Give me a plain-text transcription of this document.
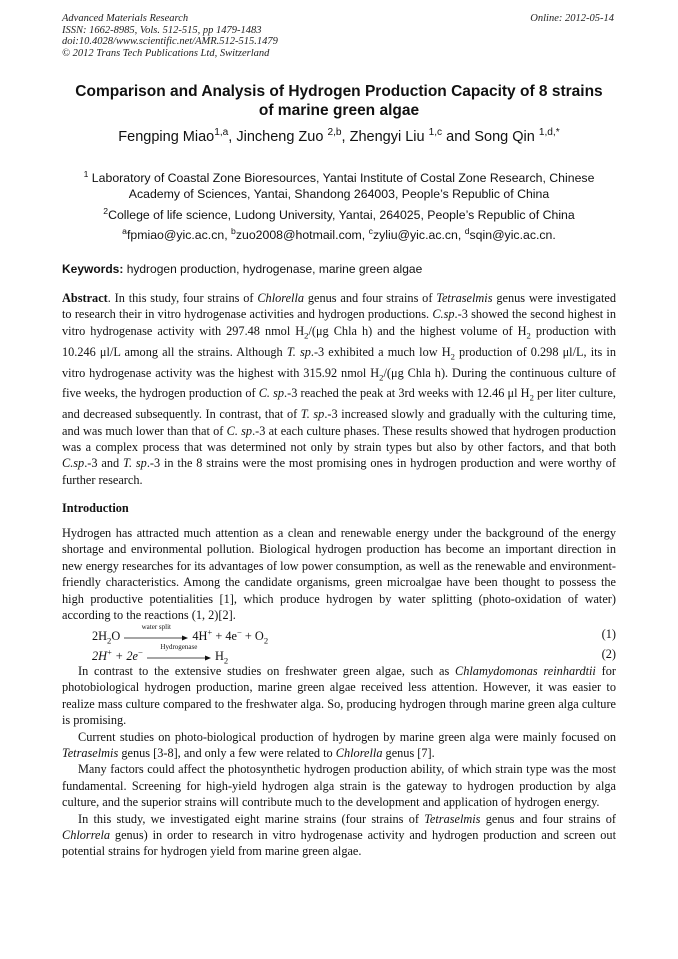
Advanced Materials Research
ISSN: 1662-8985, Vols. 512-515, pp 1479-1483
doi:10.4028/www.scientific.net/AMR.512-515.1479
© 2012 Trans Tech Publications Ltd, Switzerland
Online: 2012-05-14
Comparison and Analysis of Hydrogen Production Capacity of 8 strains
of marine green algae
Fengping Miao$^{1,a}$, Jincheng Zuo $^{2,b}$, Zhengyi Liu $^{1,c}$ and Song Qin $^{1,d,*}$
$^1$ Laboratory of Coastal Zone Bioresources, Yantai Institute of Costal Zone Research, Chinese
Academy of Sciences, Yantai, Shandong 264003, People’s Republic of China
$^2$College of life science, Ludong University, Yantai, 264025, People’s Republic of China
$^a$fpmiao@yic.ac.cn, $^b$zuo2008@hotmail.com, $^c$zyliu@yic.ac.cn, $^d$sqin@yic.ac.cn.
Keywords: hydrogen production, hydrogenase, marine green algae

Abstract. In this study, four strains of Chlorella genus and four strains of Tetraselmis genus were investigated to research their in vitro hydrogenase activities and hydrogen productions. C.sp.-3 showed the second highest in vitro hydrogenase activity with 297.48 nmol $H_2/(\mu g$ Chla h) and the highest volume of $H_2$ production with 10.246 μl/L among all the strains. Although T. sp.-3 exhibited a much low $H_2$ production of 0.298 μl/L, its in vitro hydrogenase activity was the highest with 315.92 nmol $H_2/(\mu g$ Chla h). During the continuous culture of five weeks, the hydrogen production of C. sp.-3 reached the peak at 3rd weeks with 12.46 μl $H_2$ per liter culture, and decreased subsequently. In contrast, that of T. sp.-3 increased slowly and gradually with the culturing time, and was much lower than that of C. sp.-3 at each culture phases. These results showed that hydrogen production was a complex process that was determined not only by strain types but also by other factors, and that both C.sp.-3 and T. sp.-3 in the 8 strains were the most promising ones in hydrogen production and were worthy of further research.

Introduction

Hydrogen has attracted much attention as a clean and renewable energy under the background of the energy shortage and environmental pollution. Biological hydrogen production has become an important direction in new energy researches for its advantages of low power consumption, as well as the renewable and environment-friendly characteristics. Among the candidate organisms, green microalgae have been thought to possess the high productive potentialities [1], which produce hydrogen by water splitting (photo-oxidation of water) according to the reactions (1, 2)[2].

$2H_2O$
water split
$4H^+ + 4e^- + O_2$	(1)
2H+ + 2e−	Hydrogenase
$H_2$	(2)

In contrast to the extensive studies on freshwater green algae, such as Chlamydomonas reinhardtii for photobiological hydrogen production, marine green algae received less attention. However, it was easier to realize mass culture compared to the freshwater alga. So, producing hydrogen through marine green alga culture is promising.

Current studies on photo-biological production of hydrogen by marine green alga were mainly focused on Tetraselmis genus [3-8], and only a few were related to Chlorella genus [7].

Many factors could affect the photosynthetic hydrogen production ability, of which strain type was the most fundamental. Screening for high-yield hydrogen alga strain is the gateway to hydrogen production by alga culture, and the superior strains will contribute much to the development and application of hydrogen energy.

In this study, we investigated eight marine strains (four strains of Tetraselmis genus and four strains of Chlorrela genus) in order to research in vitro hydrogenase activity and hydrogen production and screen out potential strains for hydrogen yield from marine green algae.
